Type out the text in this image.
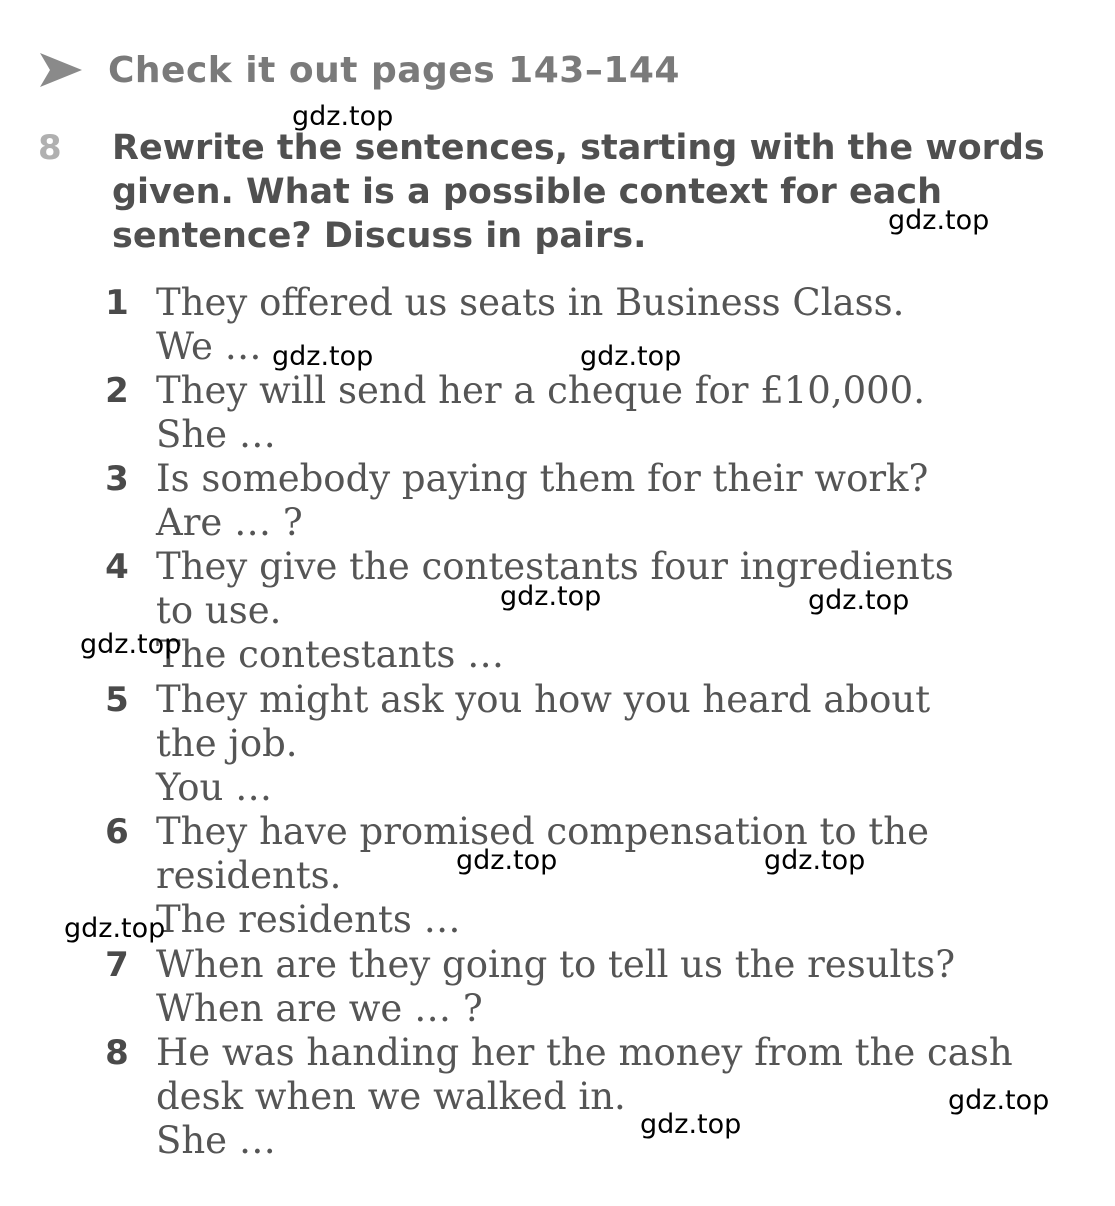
Check it out pages 143–144
8 Rewrite the sentences, starting with the words
given. What is a possible context for each
sentence? Discuss in pairs.
1 They offered us seats in Business Class.
We …
2 They will send her a cheque for £10,000.
She …
3 Is somebody paying them for their work?
Are … ?
4 They give the contestants four ingredients
to use.
The contestants …
5 They might ask you how you heard about
the job.
You …
6 They have promised compensation to the
residents.
The residents …
7 When are they going to tell us the results?
When are we … ?
8 He was handing her the money from the cash
desk when we walked in.
She …
gdz.top
gdz.top
gdz.top	gdz.top
gdz.top	gdz.top
gdz.top
gdz.top	gdz.top
gdz.top
gdz.top
gdz.top
